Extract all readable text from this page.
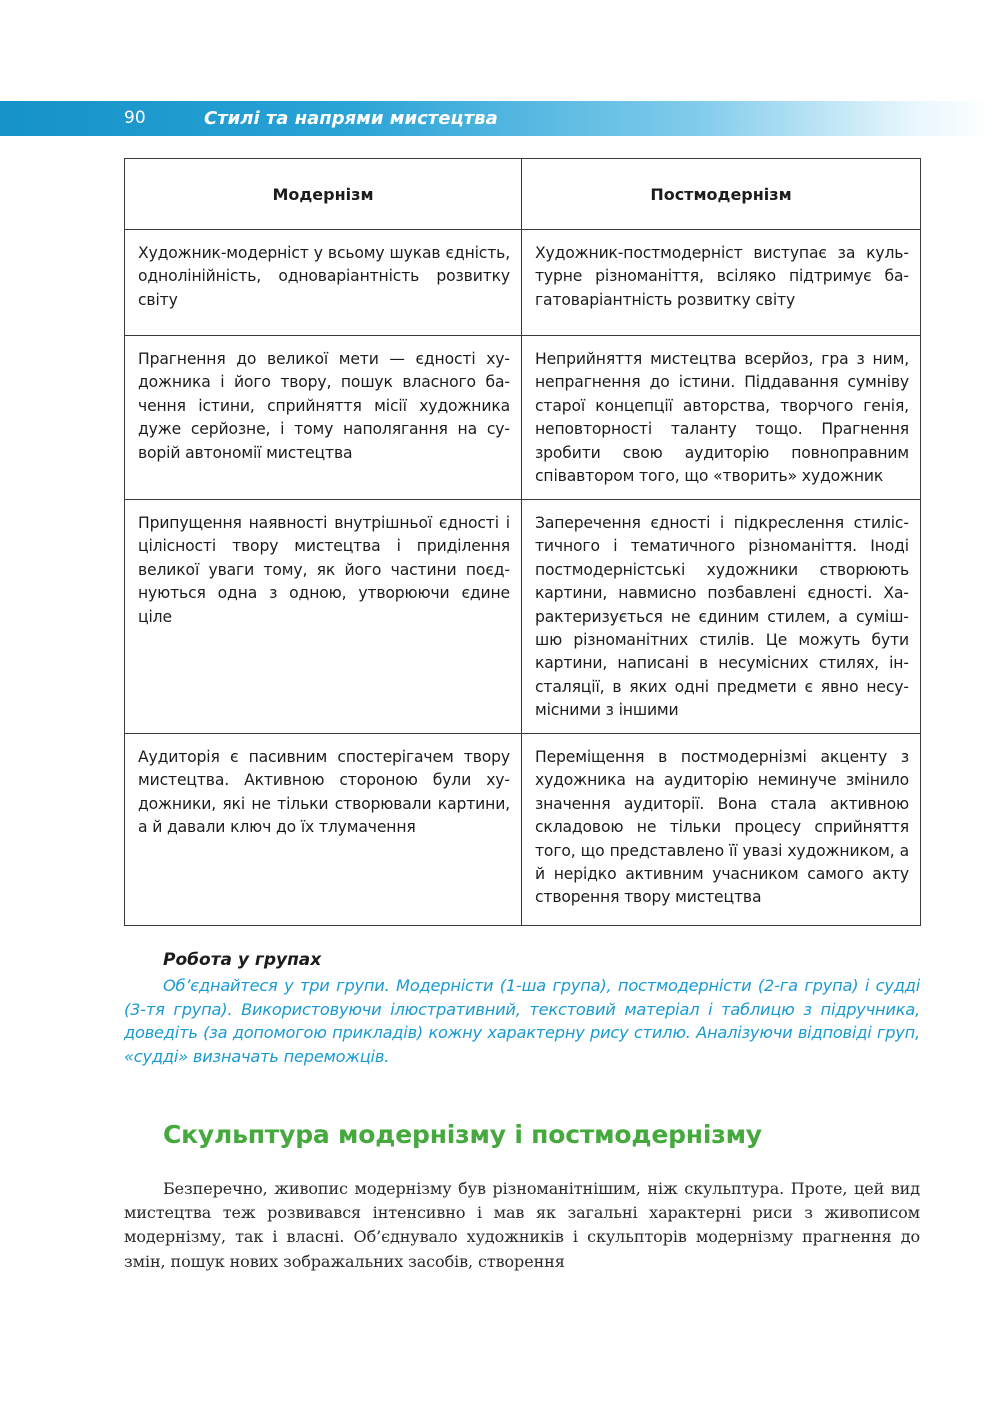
90	Стилі та напрями мистецтва
Модернізм	Постмодернізм
Художник-модерніст у всьому шукав єдність, однолінійність, одноваріантність розвитку світу	Художник-постмодерніст виступає за культурне різноманіття, всіляко підтримує багатоваріантність розвитку світу
Прагнення до великої мети — єдності художника і його твору, пошук власного бачення істини, сприйняття місії художника дуже серйозне, і тому наполягання на суворій автономії мистецтва	Неприйняття мистецтва всерйоз, гра з ним, непрагнення до істини. Піддавання сумніву старої концепції авторства, творчого генія, неповторності таланту тощо. Прагнення зробити свою аудиторію повноправним співавтором того, що «творить» художник
Припущення наявності внутрішньої єдності і цілісності твору мистецтва і приділення великої уваги тому, як його частини поєднуються одна з одною, утворюючи єдине ціле	Заперечення єдності і підкреслення стилістичного і тематичного різноманіття. Іноді постмодерністські художники створюють картини, навмисно позбавлені єдності. Характеризується не єдиним стилем, а сумішшю різноманітних стилів. Це можуть бути картини, написані в несумісних стилях, інсталяції, в яких одні предмети є явно несумісними з іншими
Аудиторія є пасивним спостерігачем твору мистецтва. Активною стороною були художники, які не тільки створювали картини, а й давали ключ до їх тлумачення	Переміщення в постмодернізмі акценту з художника на аудиторію неминуче змінило значення аудиторії. Вона стала активною складовою не тільки процесу сприйняття того, що представлено її увазі художником, а й нерідко активним учасником самого акту створення твору мистецтва
Робота у групах
Об’єднайтеся у три групи. Модерністи (1-ша група), постмодерністи (2-га група) і судді (3-тя група). Використовуючи ілюстративний, текстовий матеріал і таблицю з підручника, доведіть (за допомогою прикладів) кожну характерну рису стилю. Аналізуючи відповіді груп, «судді» визначать переможців.
Скульптура модернізму і постмодернізму
Безперечно, живопис модернізму був різноманітнішим, ніж скульптура. Проте, цей вид мистецтва теж розвивався інтенсивно і мав як загальні характерні риси з живописом модернізму, так і власні. Об’єднувало художників і скульпторів модернізму прагнення до змін, пошук нових зображальних засобів, створення
